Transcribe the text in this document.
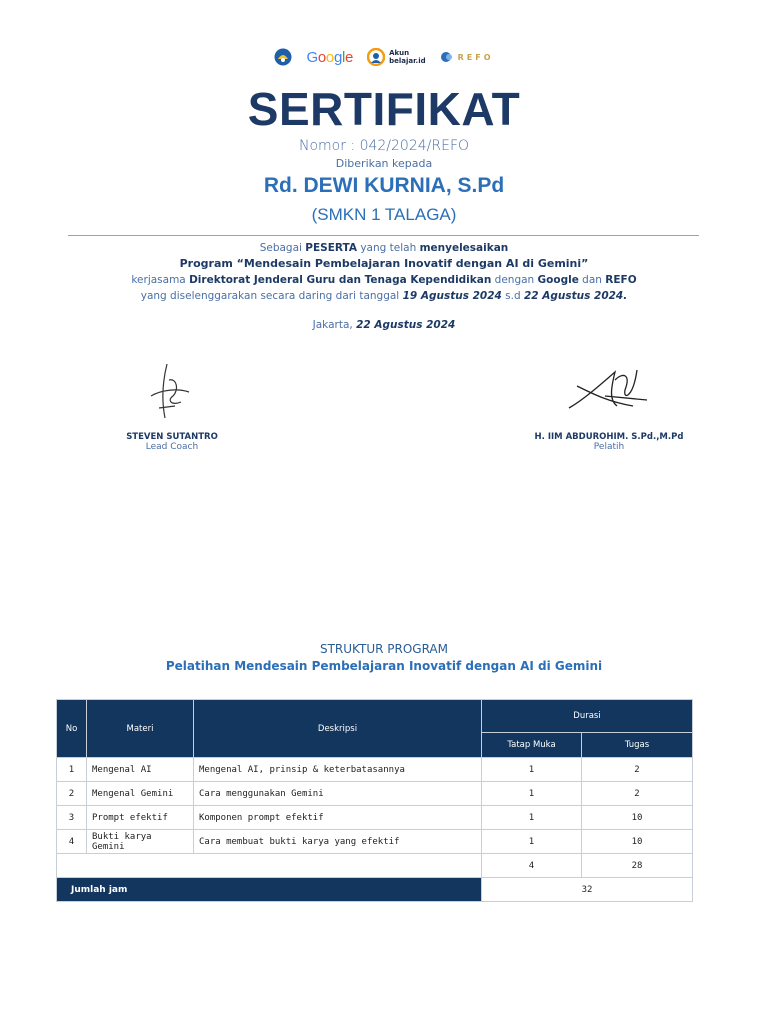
Google	Akun
belajar.id	REFO
SERTIFIKAT
Nomor : 042/2024/REFO
Diberikan kepada
Rd. DEWI KURNIA, S.Pd
(SMKN 1 TALAGA)
Sebagai PESERTA yang telah menyelesaikan
Program “Mendesain Pembelajaran Inovatif dengan AI di Gemini”
kerjasama Direktorat Jenderal Guru dan Tenaga Kependidikan dengan Google dan REFO
yang diselenggarakan secara daring dari tanggal 19 Agustus 2024 s.d 22 Agustus 2024.
Jakarta, 22 Agustus 2024
STEVEN SUTANTRO
Lead Coach
H. IIM ABDUROHIM. S.Pd.,M.Pd
Pelatih
STRUKTUR PROGRAM
Pelatihan Mendesain Pembelajaran Inovatif dengan AI di Gemini
No	Materi	Deskripsi	Durasi	
			Tatap Muka	Tugas
1	Mengenal AI	Mengenal AI, prinsip & keterbatasannya	1	2
2	Mengenal Gemini	Cara menggunakan Gemini	1	2
3	Prompt efektif	Komponen prompt efektif	1	10
4	Bukti karya Gemini	Cara membuat bukti karya yang efektif	1	10
			4	28
Jumlah jam			32	
